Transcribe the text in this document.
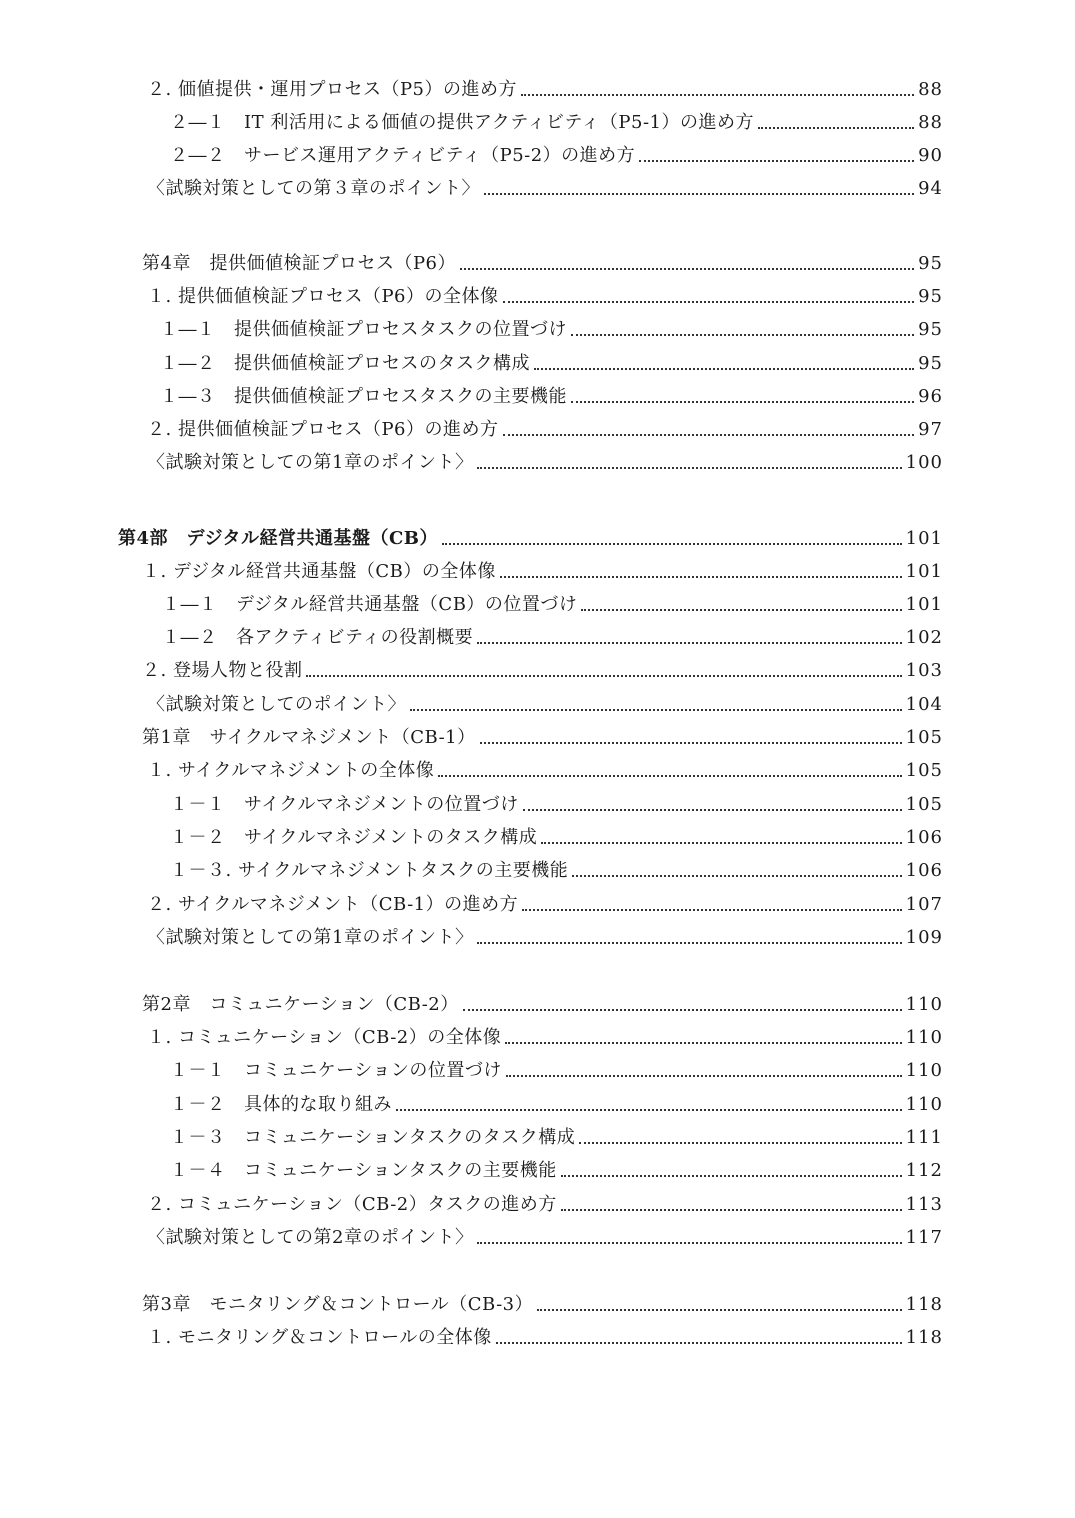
２. 価値提供・運用プロセス（P5）の進め方	88
２―１　IT 利活用による価値の提供アクティビティ（P5-1）の進め方	88
２―２　サービス運用アクティビティ（P5-2）の進め方	90
〈試験対策としての第３章のポイント〉	94
第4章　提供価値検証プロセス（P6）	95
１. 提供価値検証プロセス（P6）の全体像	95
１―１　提供価値検証プロセスタスクの位置づけ	95
１―２　提供価値検証プロセスのタスク構成	95
１―３　提供価値検証プロセスタスクの主要機能	96
２. 提供価値検証プロセス（P6）の進め方	97
〈試験対策としての第1章のポイント〉	100
第4部　デジタル経営共通基盤（CB）	101
１. デジタル経営共通基盤（CB）の全体像	101
１―１　デジタル経営共通基盤（CB）の位置づけ	101
１―２　各アクティビティの役割概要	102
２. 登場人物と役割	103
〈試験対策としてのポイント〉	104
第1章　サイクルマネジメント（CB-1）	105
１. サイクルマネジメントの全体像	105
１－１　サイクルマネジメントの位置づけ	105
１－２　サイクルマネジメントのタスク構成	106
１－３. サイクルマネジメントタスクの主要機能	106
２. サイクルマネジメント（CB-1）の進め方	107
〈試験対策としての第1章のポイント〉	109
第2章　コミュニケーション（CB-2）	110
１. コミュニケーション（CB-2）の全体像	110
１－１　コミュニケーションの位置づけ	110
１－２　具体的な取り組み	110
１－３　コミュニケーションタスクのタスク構成	111
１－４　コミュニケーションタスクの主要機能	112
２. コミュニケーション（CB-2）タスクの進め方	113
〈試験対策としての第2章のポイント〉	117
第3章　モニタリング＆コントロール（CB-3）	118
１. モニタリング＆コントロールの全体像	118
